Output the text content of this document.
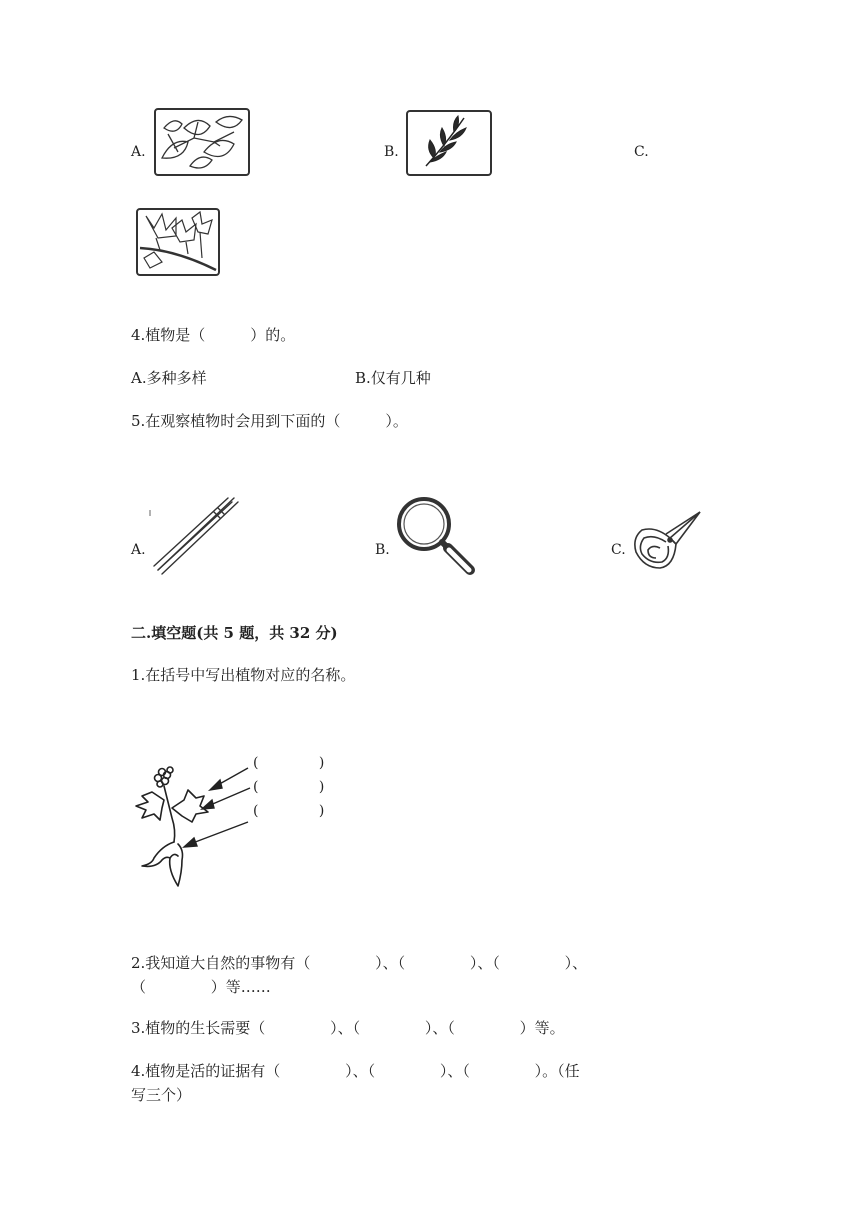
A.	B.	C.
4.植物是（　　　）的。
A.多种多样	B.仅有几种
5.在观察植物时会用到下面的（　　　）。
A.	B.	C.
二.填空题(共 5 题，共 32 分)
1.在括号中写出植物对应的名称。
(　　　　 )
(　　　　 )
(　　　　 )
2.我知道大自然的事物有（　　　　 ）、（　　　　 ）、（　　　　 ）、
（　　　　 ）等……
3.植物的生长需要（　　　　 ）、（　　　　 ）、（　　　　 ）等。
4.植物是活的证据有（　　　　 ）、（　　　　 ）、（　　　　 ）。（任
写三个）
